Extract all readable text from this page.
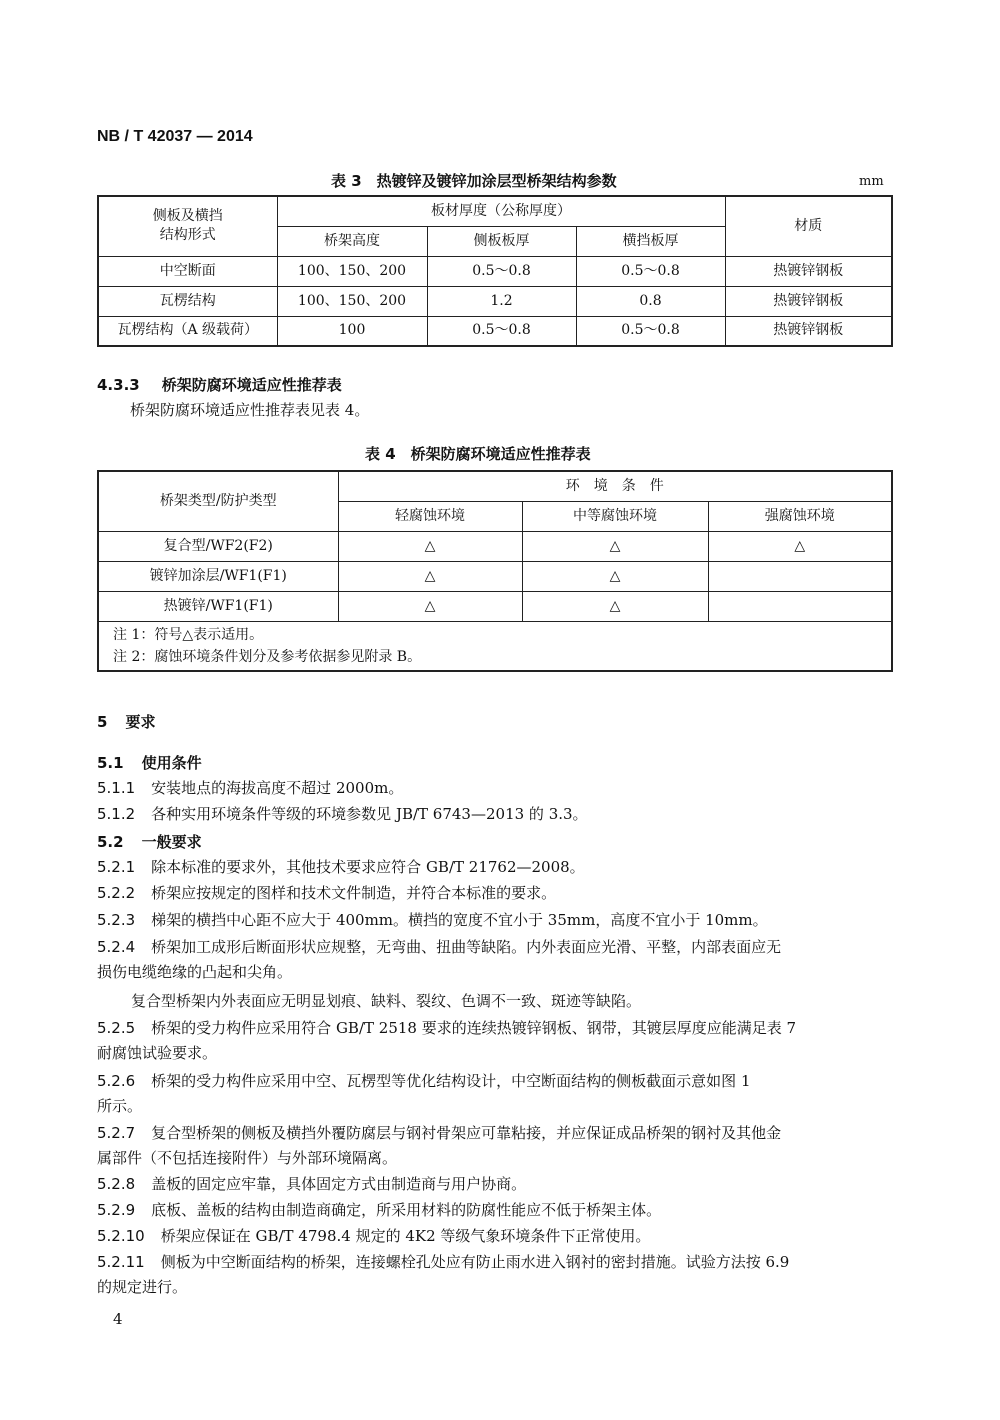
NB / T 42037 — 2014
表 3　热镀锌及镀锌加涂层型桥架结构参数	mm
侧板及横挡
结构形式	板材厚度（公称厚度）			材质
	桥架高度	侧板板厚	横挡板厚	
中空断面	100、150、200	0.5～0.8	0.5～0.8	热镀锌钢板
瓦楞结构	100、150、200	1.2	0.8	热镀锌钢板
瓦楞结构（A 级载荷）	100	0.5～0.8	0.5～0.8	热镀锌钢板
4.3.3 桥架防腐环境适应性推荐表
桥架防腐环境适应性推荐表见表 4。
表 4　桥架防腐环境适应性推荐表
桥架类型/防护类型	环　境　条　件		
	轻腐蚀环境	中等腐蚀环境	强腐蚀环境
复合型/WF2(F2)	△	△	△
镀锌加涂层/WF1(F1)	△	△	
热镀锌/WF1(F1)	△	△	

注 1：符号△表示适用。
注 2：腐蚀环境条件划分及参考依据参见附录 B。			
5 要求
5.1 使用条件
5.1.1 安装地点的海拔高度不超过 2000m。
5.1.2 各种实用环境条件等级的环境参数见 JB/T 6743—2013 的 3.3。
5.2 一般要求
5.2.1 除本标准的要求外，其他技术要求应符合 GB/T 21762—2008。
5.2.2 桥架应按规定的图样和技术文件制造，并符合本标准的要求。
5.2.3 梯架的横挡中心距不应大于 400mm。横挡的宽度不宜小于 35mm，高度不宜小于 10mm。
5.2.4 桥架加工成形后断面形状应规整，无弯曲、扭曲等缺陷。内外表面应光滑、平整，内部表面应无
损伤电缆绝缘的凸起和尖角。
复合型桥架内外表面应无明显划痕、缺料、裂纹、色调不一致、斑迹等缺陷。
5.2.5 桥架的受力构件应采用符合 GB/T 2518 要求的连续热镀锌钢板、钢带，其镀层厚度应能满足表 7
耐腐蚀试验要求。
5.2.6 桥架的受力构件应采用中空、瓦楞型等优化结构设计，中空断面结构的侧板截面示意如图 1
所示。
5.2.7 复合型桥架的侧板及横挡外覆防腐层与钢衬骨架应可靠粘接，并应保证成品桥架的钢衬及其他金
属部件（不包括连接附件）与外部环境隔离。
5.2.8 盖板的固定应牢靠，具体固定方式由制造商与用户协商。
5.2.9 底板、盖板的结构由制造商确定，所采用材料的防腐性能应不低于桥架主体。
5.2.10 桥架应保证在 GB/T 4798.4 规定的 4K2 等级气象环境条件下正常使用。
5.2.11 侧板为中空断面结构的桥架，连接螺栓孔处应有防止雨水进入钢衬的密封措施。试验方法按 6.9
的规定进行。
4
